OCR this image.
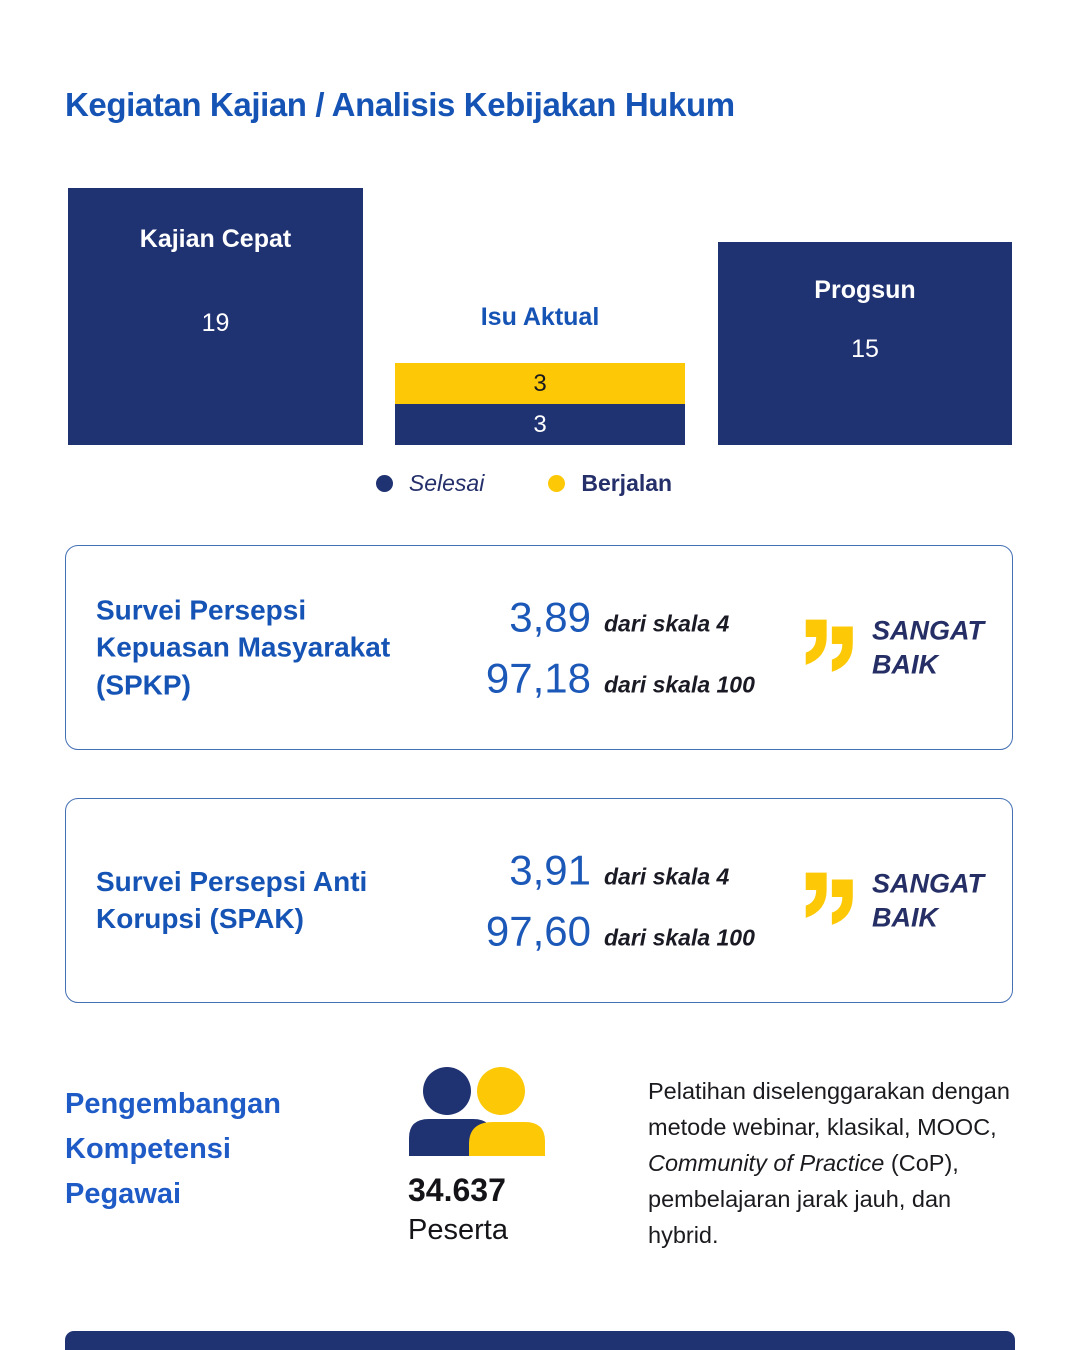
Kegiatan Kajian / Analisis Kebijakan Hukum
Kajian Cepat
19	Isu Aktual
3
3
Progsun
15
Selesai	Berjalan
Survei Persepsi Kepuasan Masyarakat (SPKP)
3,89 dari skala 4
97,18 dari skala 100
SANGAT BAIK
Survei Persepsi Anti Korupsi (SPAK)
3,91 dari skala 4
97,60 dari skala 100
SANGAT BAIK
Pengembangan Kompetensi Pegawai	34.637
Peserta
Pelatihan diselenggarakan dengan metode webinar, klasikal, MOOC, Community of Practice (CoP), pembelajaran jarak jauh, dan hybrid.
